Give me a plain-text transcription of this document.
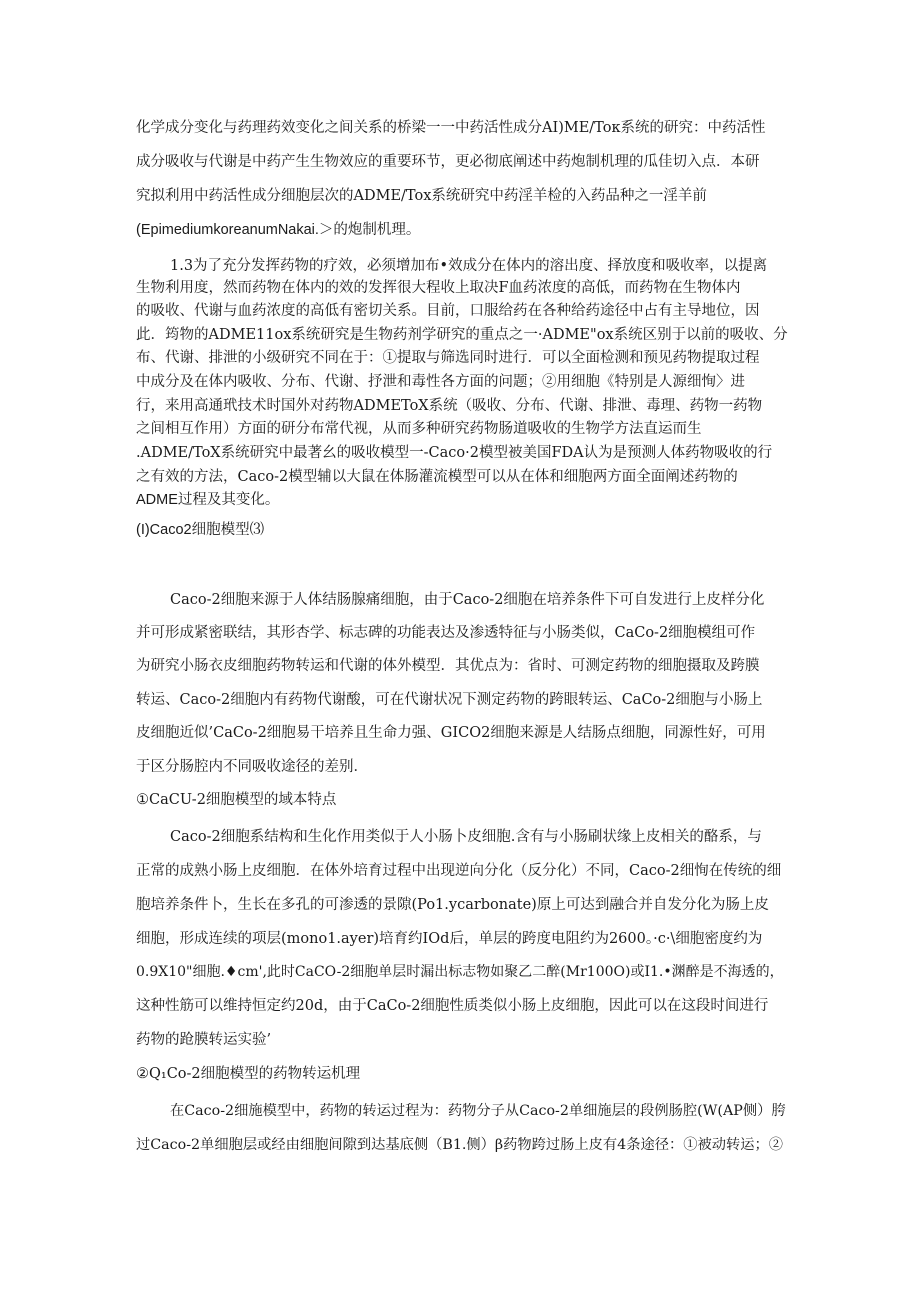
化学成分变化与药理药效变化之间关系的桥梁一一中药活性成分AI)ME/Toκ系统的研究：中药活性
成分吸收与代谢是中药产生生物效应的重要环节，更必彻底阐述中药炮制机理的瓜佳切入点．本研
究拟利用中药活性成分细胞层次的ADME/Tox系统研究中药淫羊检的入药品种之一淫羊前
(EpimediumkoreanumNakai.＞的炮制机理。
1.3为了充分发挥药物的疗效，必须增加布•效成分在体内的溶出度、择放度和吸收率，以提离
生物利用度，然而药物在体内的效的发挥很大程收上取决F血药浓度的高低，而药物在生物体内
的吸收、代谢与血药浓度的高低有密切关系。目前，口服给药在各种给药途径中占有主导地位，因
此．筠物的ADME11ox系统研究是生物药剂学研究的重点之一·ADME"ox系统区别于以前的吸收、分
布、代谢、排泄的小级研究不同在于：①提取与筛选同时进行．可以全面检测和预见药物提取过程
中成分及在体内吸收、分布、代谢、抒泄和毒性各方面的问题；②用细胞《特别是人源细恂〉进
行，来用高通玳技术时国外对药物ADMEToX系统（吸收、分布、代谢、排泄、毒理、药物一药物
之间相互作用）方面的研分布常代视，从而多种研究药物肠道吸收的生物学方法直运而生
.ADME/ToX系统研究中最著幺的吸收模型一-Caco·2模型被美国FDA认为是预测人体药物吸收的行
之有效的方法，Caco-2模型辅以大鼠在体肠灌流模型可以从在体和细胞两方面全面阐述药物的
ADME过程及其变化。
(I)Caco2细胞模型⑶
Caco-2细胞来源于人体结肠腺痛细胞，由于Caco-2细胞在培养条件下可自发进行上皮样分化
并可形成紧密联结，其形杏学、标志碑的功能表达及渗透特征与小肠类似，CaCo-2细胞模组可作
为研究小肠衣皮细胞药物转运和代谢的体外模型．其优点为：省时、可测定药物的细胞摄取及跨膜
转运、Caco-2细胞内有药物代谢酸，可在代谢状况下测定药物的跨眼转运、CaCo-2细胞与小肠上
皮细胞近似’CaCo-2细胞易干培养且生命力强、GICO2细胞来源是人结肠点细胞，同源性好，可用
于区分肠腔内不同吸收途径的差别．
①CaCU-2细胞模型的域本特点
Caco-2细胞系结构和生化作用类似于人小肠卜皮细胞.含有与小肠刷状缘上皮相关的酪系，与
正常的成熟小肠上皮细胞．在体外培育过程中出现逆向分化（反分化）不同，Caco-2细恂在传统的细
胞培养条件卜，生长在多孔的可渗透的景隙(Po1.ycarbonate)原上可达到融合并自发分化为肠上皮
细胞，形成连续的项层(mono1.ayer)培育约IOd后，单层的跨度电阻约为2600。·c·\细胞密度约为
0.9X10"细胞.♦cm',此时CaCO-2细胞单层时漏出标志物如聚乙二醉(Mr100O)或I1.•渊醉是不海透的，
这种性筋可以维持恒定约20d，由于CaCo-2细胞性质类似小肠上皮细胞，因此可以在这段时间进行
药物的跄膜转运实验’
②Q₁Co-2细胞模型的药物转运机理
在Caco-2细施模型中，药物的转运过程为：药物分子从Caco-2单细施层的段例肠腔(W(AP侧）胯
过Caco-2单细胞层或经由细胞间隙到达基底侧（B1.侧）β药物跨过肠上皮有4条途径：①被动转运；②
